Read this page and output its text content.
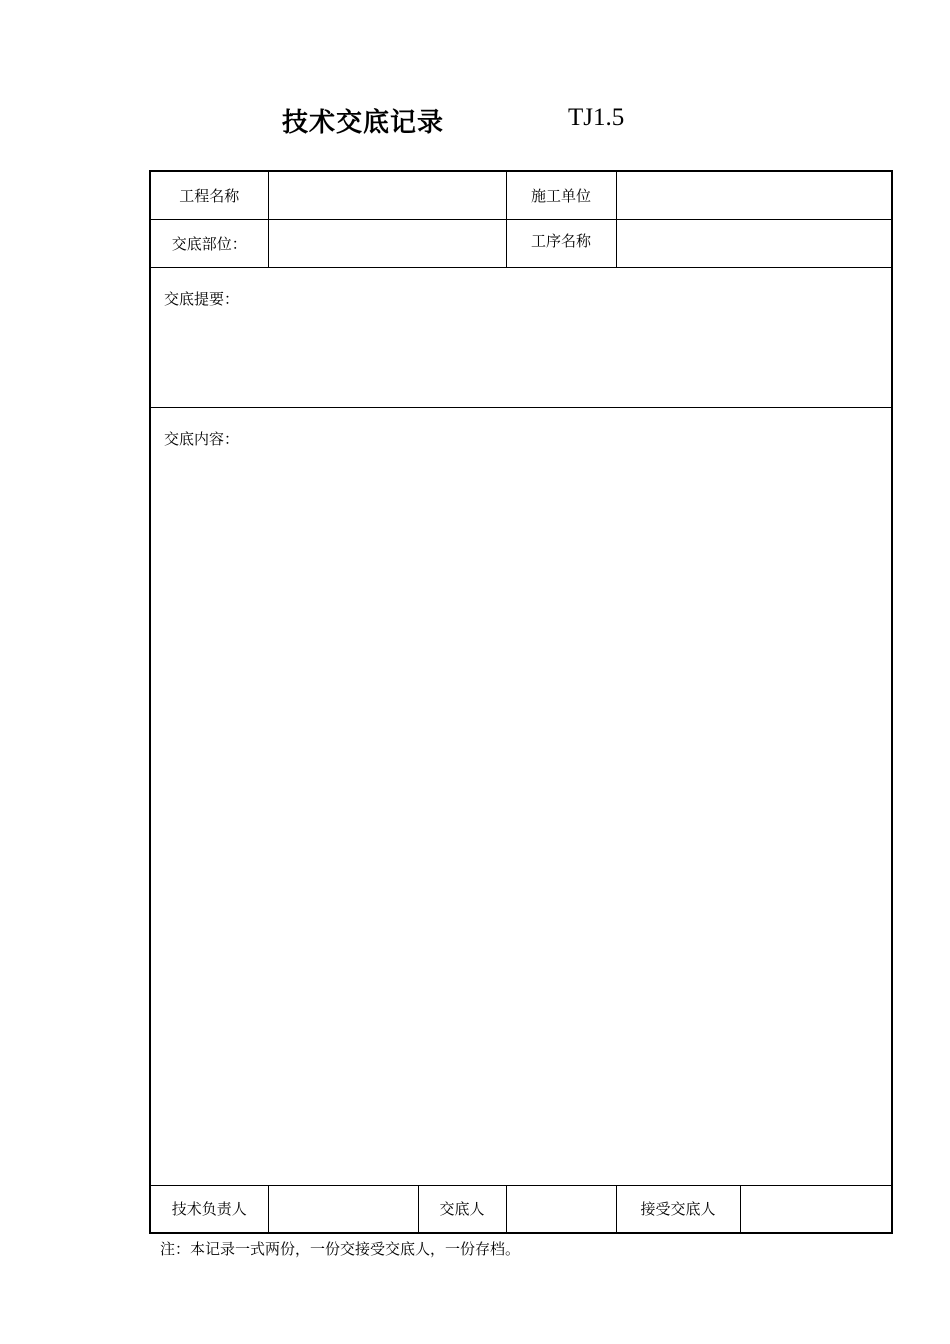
技术交底记录	TJ1.5
工程名称			施工单位		
交底部位：			工序名称		
交底提要：					
交底内容：					
技术负责人		交底人		接受交底人	
注：本记录一式两份，一份交接受交底人，一份存档。
